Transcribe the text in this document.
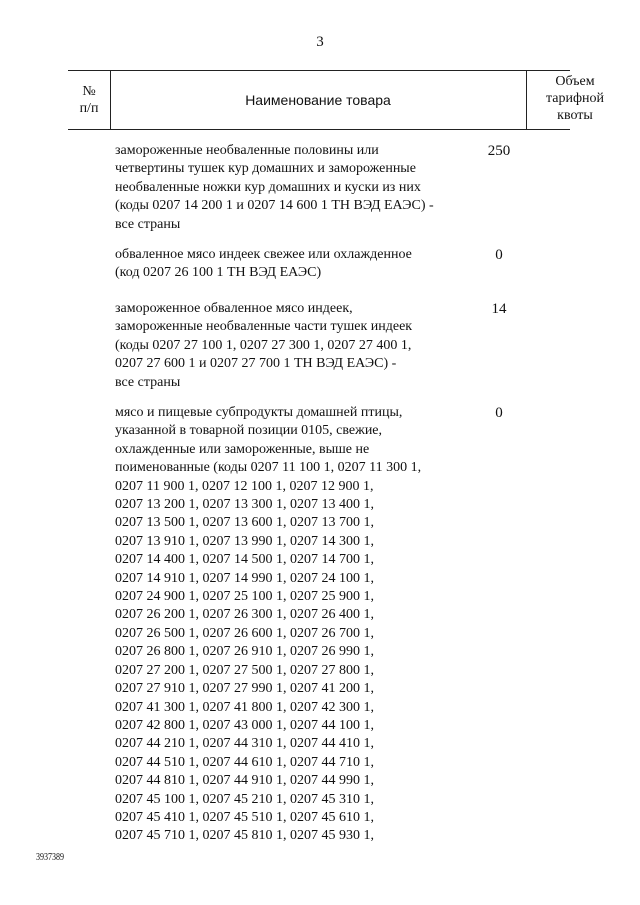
3
№
п/п
Наименование товара
Объем
тарифной
квоты
замороженные необваленные половины или
четвертины тушек кур домашних и замороженные
необваленные ножки кур домашних и куски из них
(коды 0207 14 200 1 и 0207 14 600 1 ТН ВЭД ЕАЭС) -
все страны
250
обваленное мясо индеек свежее или охлажденное
(код 0207 26 100 1 ТН ВЭД ЕАЭС)
0
замороженное обваленное мясо индеек,
замороженные необваленные части тушек индеек
(коды 0207 27 100 1, 0207 27 300 1, 0207 27 400 1,
0207 27 600 1 и 0207 27 700 1 ТН ВЭД ЕАЭС) -
все страны
14
мясо и пищевые субпродукты домашней птицы,
указанной в товарной позиции 0105, свежие,
охлажденные или замороженные, выше не
поименованные (коды 0207 11 100 1, 0207 11 300 1,
0207 11 900 1, 0207 12 100 1, 0207 12 900 1,
0207 13 200 1, 0207 13 300 1, 0207 13 400 1,
0207 13 500 1, 0207 13 600 1, 0207 13 700 1,
0207 13 910 1, 0207 13 990 1, 0207 14 300 1,
0207 14 400 1, 0207 14 500 1, 0207 14 700 1,
0207 14 910 1, 0207 14 990 1, 0207 24 100 1,
0207 24 900 1, 0207 25 100 1, 0207 25 900 1,
0207 26 200 1, 0207 26 300 1, 0207 26 400 1,
0207 26 500 1, 0207 26 600 1, 0207 26 700 1,
0207 26 800 1, 0207 26 910 1, 0207 26 990 1,
0207 27 200 1, 0207 27 500 1, 0207 27 800 1,
0207 27 910 1, 0207 27 990 1, 0207 41 200 1,
0207 41 300 1, 0207 41 800 1, 0207 42 300 1,
0207 42 800 1, 0207 43 000 1, 0207 44 100 1,
0207 44 210 1, 0207 44 310 1, 0207 44 410 1,
0207 44 510 1, 0207 44 610 1, 0207 44 710 1,
0207 44 810 1, 0207 44 910 1, 0207 44 990 1,
0207 45 100 1, 0207 45 210 1, 0207 45 310 1,
0207 45 410 1, 0207 45 510 1, 0207 45 610 1,
0207 45 710 1, 0207 45 810 1, 0207 45 930 1,
0
3937389
